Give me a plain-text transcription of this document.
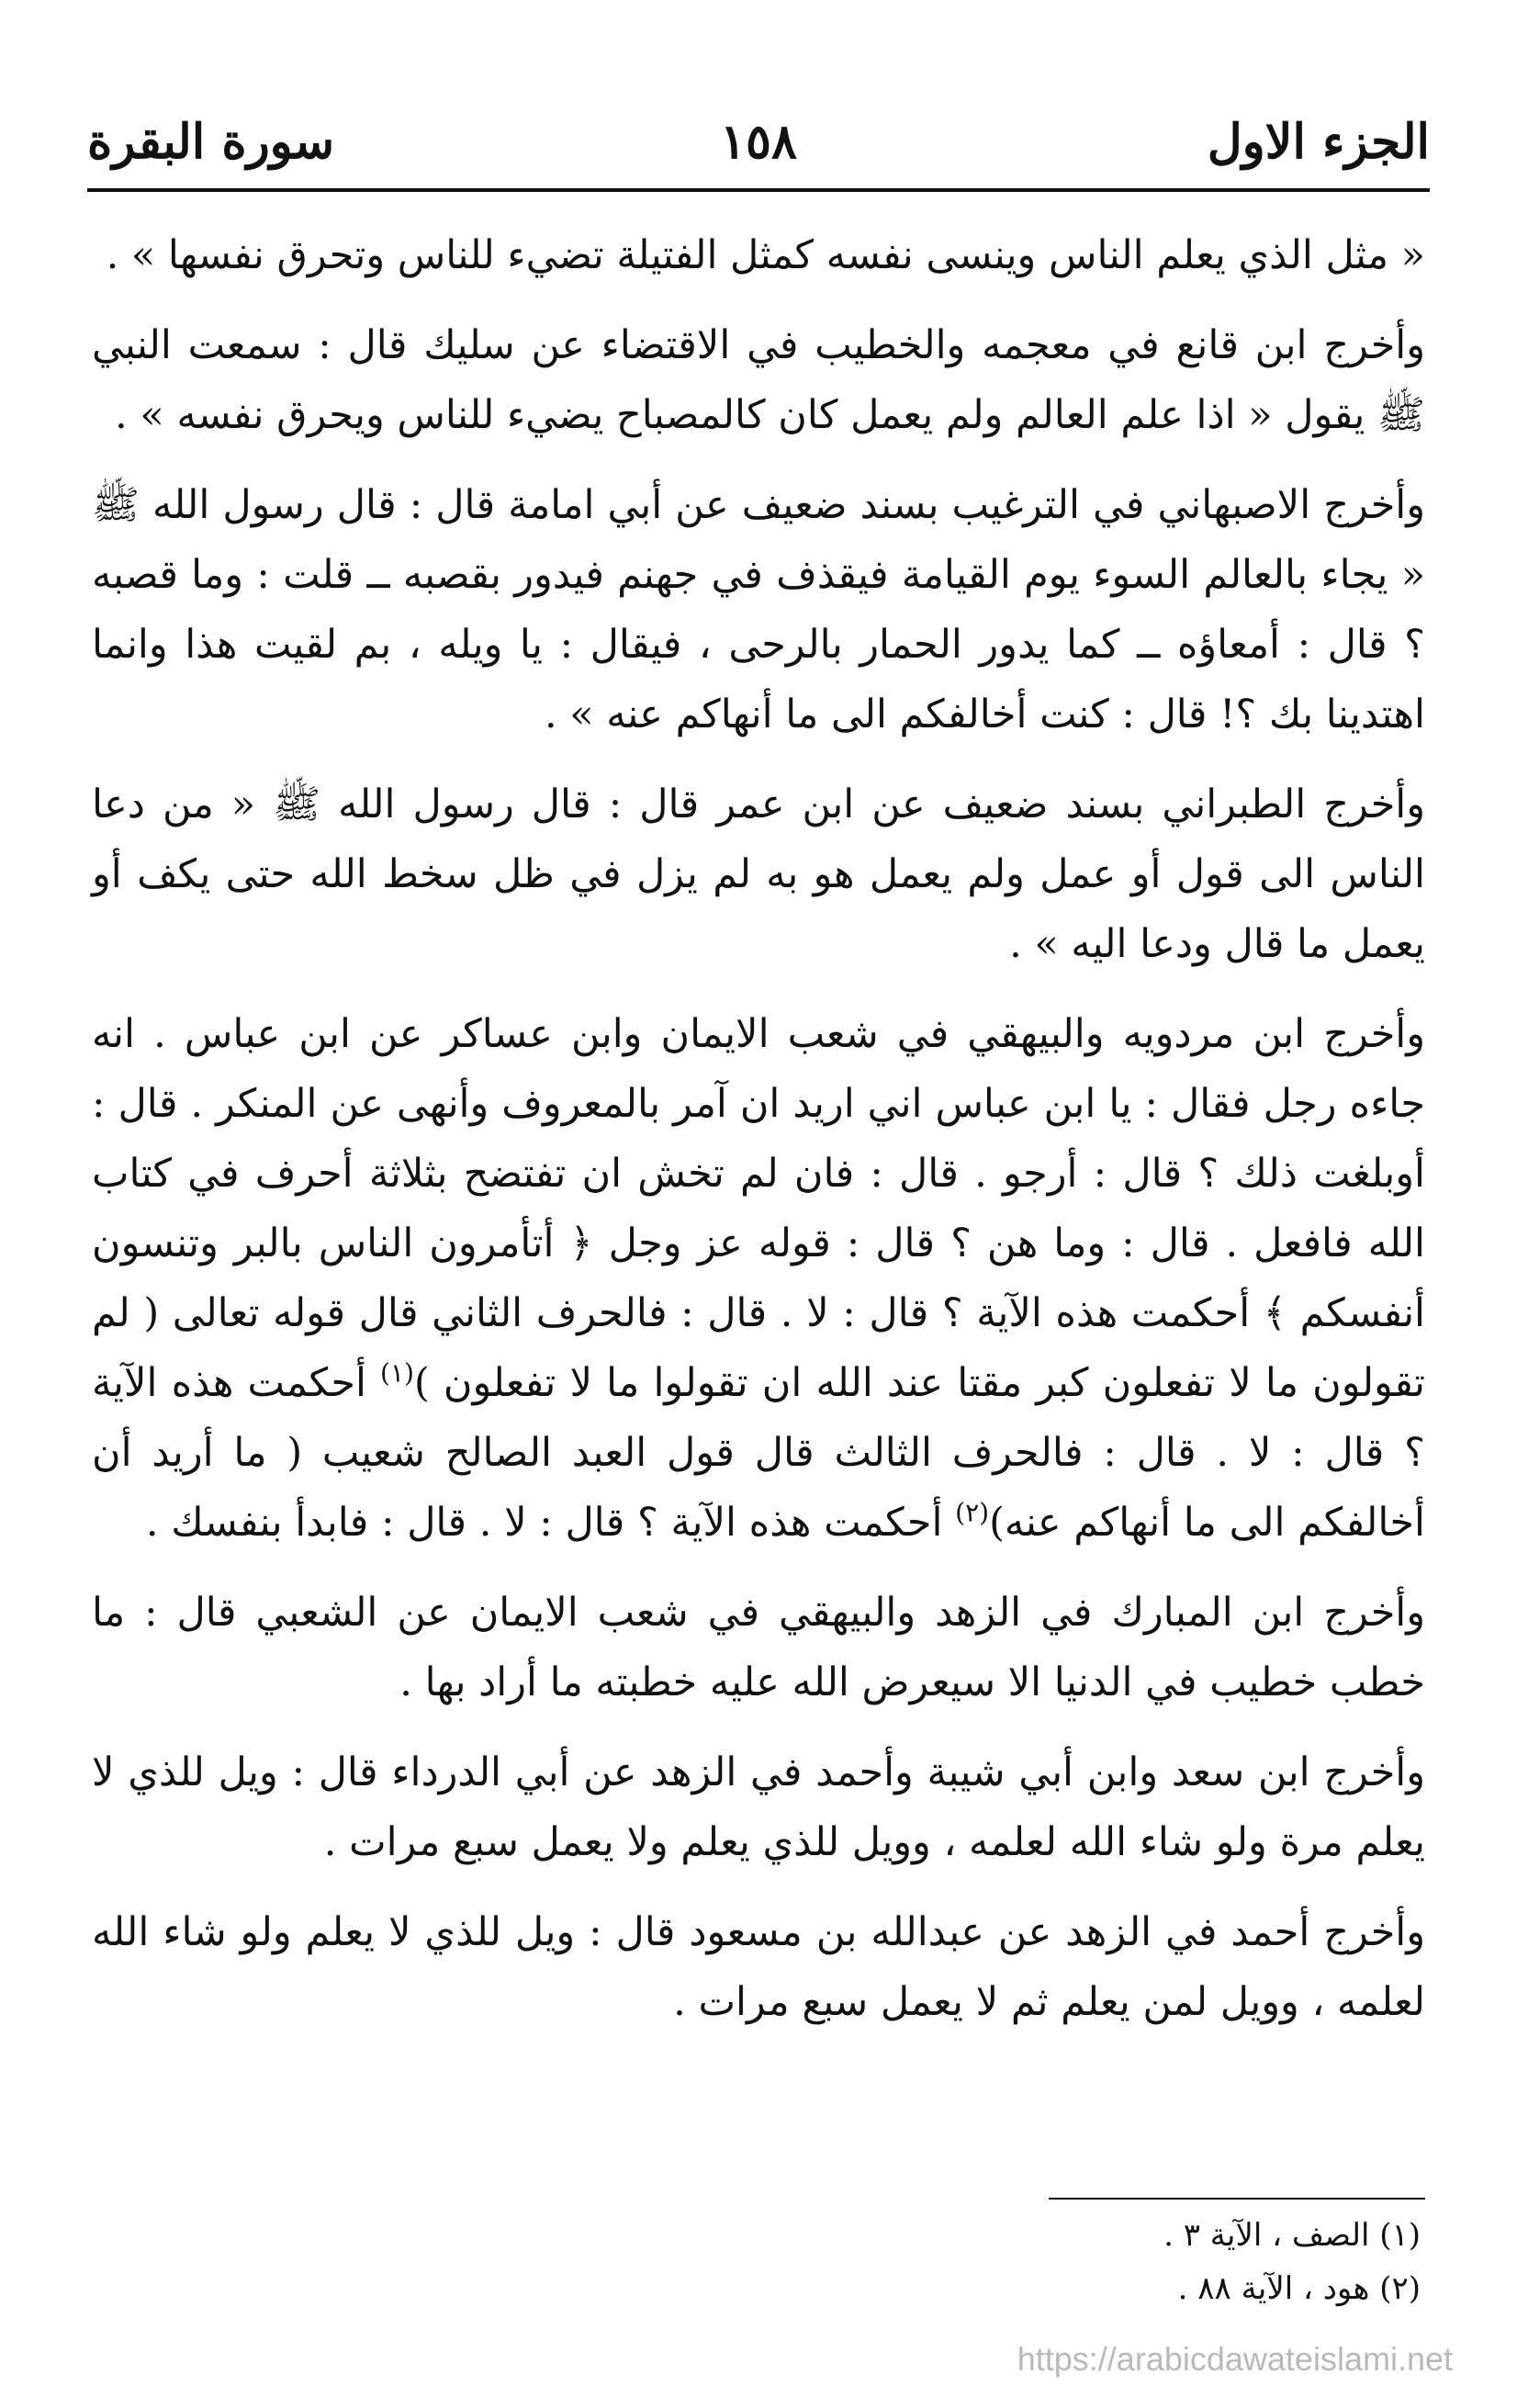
الجزء الاول
١٥٨
سورة البقرة

« مثل الذي يعلم الناس وينسى نفسه كمثل الفتيلة تضيء للناس وتحرق نفسها » .

وأخرج ابن قانع في معجمه والخطيب في الاقتضاء عن سليك قال : سمعت النبي ﷺ يقول « اذا علم العالم ولم يعمل كان كالمصباح يضيء للناس ويحرق نفسه » .

وأخرج الاصبهاني في الترغيب بسند ضعيف عن أبي امامة قال : قال رسول الله ﷺ « يجاء بالعالم السوء يوم القيامة فيقذف في جهنم فيدور بقصبه ــ قلت : وما قصبه ؟ قال : أمعاؤه ــ كما يدور الحمار بالرحى ، فيقال : يا ويله ، بم لقيت هذا وانما اهتدينا بك ؟! قال : كنت أخالفكم الى ما أنهاكم عنه » .

وأخرج الطبراني بسند ضعيف عن ابن عمر قال : قال رسول الله ﷺ « من دعا الناس الى قول أو عمل ولم يعمل هو به لم يزل في ظل سخط الله حتى يكف أو يعمل ما قال ودعا اليه » .

وأخرج ابن مردويه والبيهقي في شعب الايمان وابن عساكر عن ابن عباس . انه جاءه رجل فقال : يا ابن عباس اني اريد ان آمر بالمعروف وأنهى عن المنكر . قال : أوبلغت ذلك ؟ قال : أرجو . قال : فان لم تخش ان تفتضح بثلاثة أحرف في كتاب الله فافعل . قال : وما هن ؟ قال : قوله عز وجل ﴿ أتأمرون الناس بالبر وتنسون أنفسكم ﴾ أحكمت هذه الآية ؟ قال : لا . قال : فالحرف الثاني قال قوله تعالى ( لم تقولون ما لا تفعلون كبر مقتا عند الله ان تقولوا ما لا تفعلون )$^{(١)}$ أحكمت هذه الآية ؟ قال : لا . قال : فالحرف الثالث قال قول العبد الصالح شعيب ( ما أريد أن أخالفكم الى ما أنهاكم عنه)$^{(٢)}$ أحكمت هذه الآية ؟ قال : لا . قال : فابدأ بنفسك .

وأخرج ابن المبارك في الزهد والبيهقي في شعب الايمان عن الشعبي قال : ما خطب خطيب في الدنيا الا سيعرض الله عليه خطبته ما أراد بها .

وأخرج ابن سعد وابن أبي شيبة وأحمد في الزهد عن أبي الدرداء قال : ويل للذي لا يعلم مرة ولو شاء الله لعلمه ، وويل للذي يعلم ولا يعمل سبع مرات .

وأخرج أحمد في الزهد عن عبدالله بن مسعود قال : ويل للذي لا يعلم ولو شاء الله لعلمه ، وويل لمن يعلم ثم لا يعمل سبع مرات .

(١) الصف ، الآية ٣ .
(٢) هود ، الآية ٨٨ .
https://arabicdawateislami.net
